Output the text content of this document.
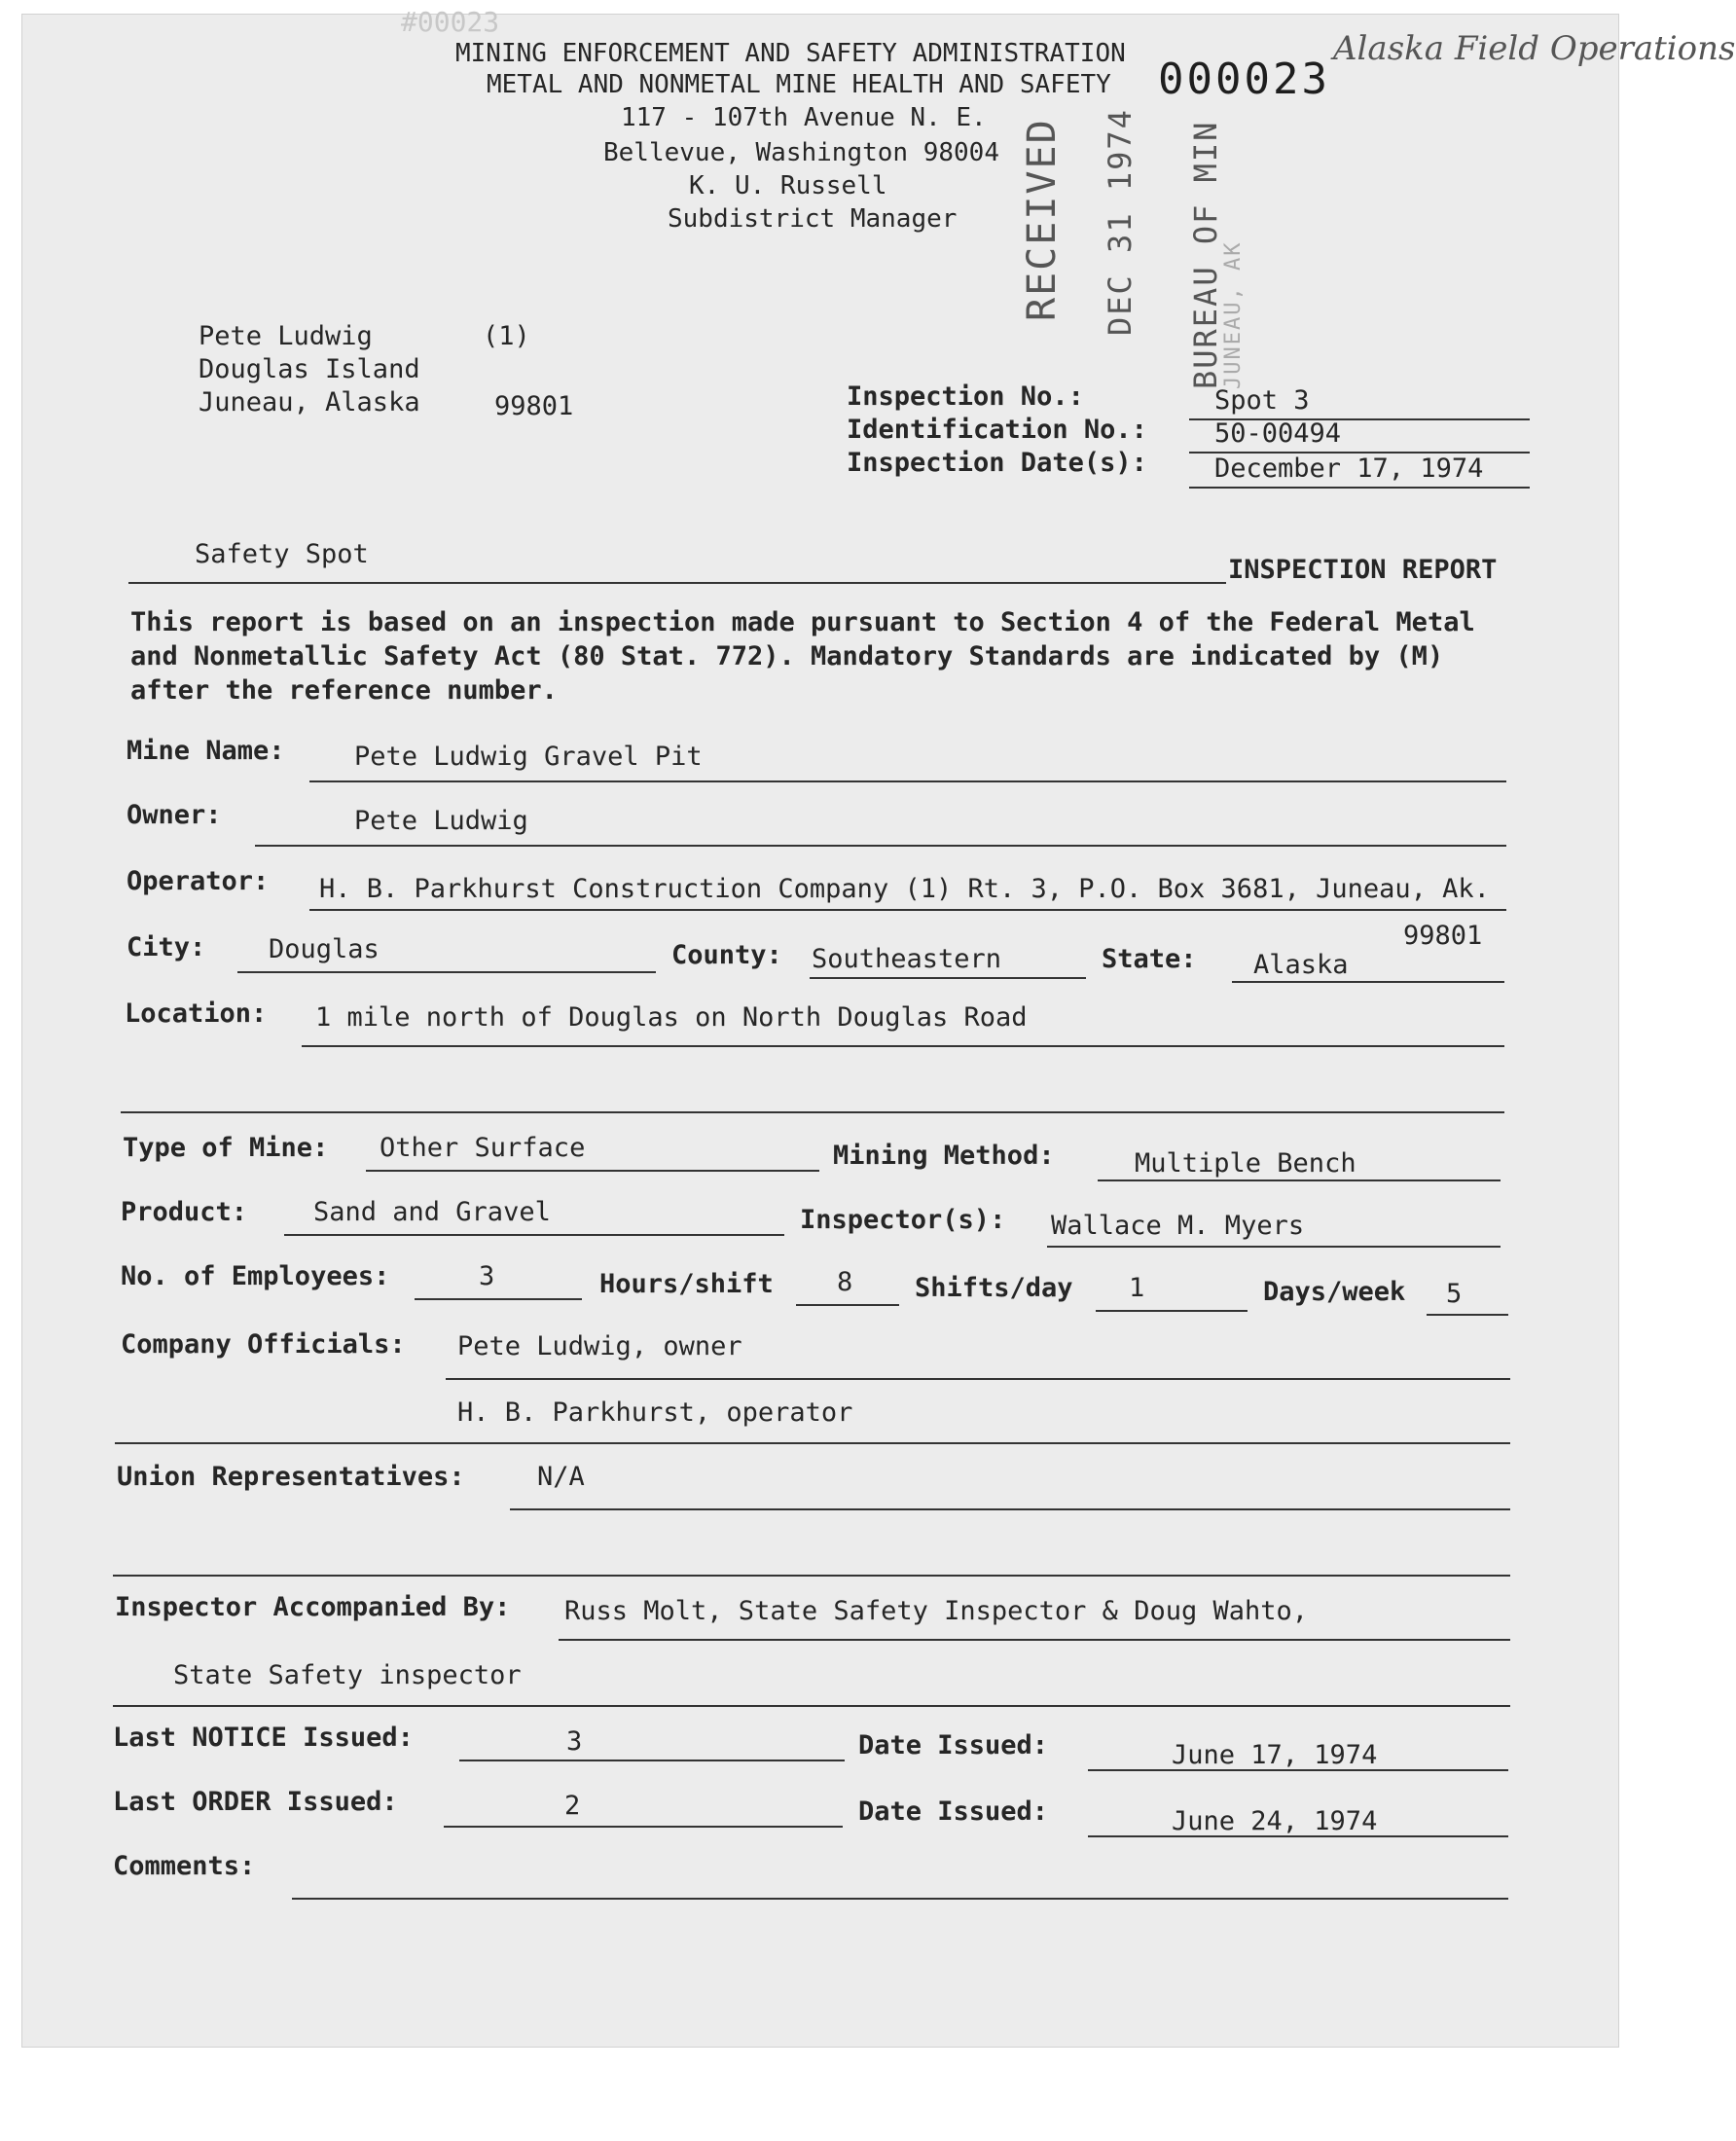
#00023
MINING ENFORCEMENT AND SAFETY ADMINISTRATION
METAL AND NONMETAL MINE HEALTH AND SAFETY
117 - 107th Avenue N. E.
Bellevue, Washington 98004
K. U. Russell
Subdistrict Manager
000023
Alaska Field Operations
RECEIVED DEC 31 1974 BUREAU OF MIN
JUNEAU, AK
Pete Ludwig	(1)
Douglas Island
Juneau, Alaska	99801	Inspection No.:	Spot 3
Identification No.:	50-00494
Inspection Date(s):	December 17, 1974
Safety Spot
INSPECTION REPORT
This report is based on an inspection made pursuant to Section 4 of the Federal Metal and Nonmetallic Safety Act (80 Stat. 772). Mandatory Standards are indicated by (M) after the reference number.
Mine Name:	Pete Ludwig Gravel Pit
Owner:	Pete Ludwig
Operator: H. B. Parkhurst Construction Company (1) Rt. 3, P.O. Box 3681, Juneau, Ak.
99801
City: Douglas	County: Southeastern	State: Alaska
Location: 1 mile north of Douglas on North Douglas Road
Type of Mine: Other Surface	Mining Method:	Multiple Bench
Product:	Sand and Gravel	Inspector(s): Wallace M. Myers
No. of Employees:	3	Hours/shift 8 Shifts/day 1	Days/week 5
Company Officials: Pete Ludwig, owner
H. B. Parkhurst, operator
Union Representatives:	N/A
Inspector Accompanied By: Russ Molt, State Safety Inspector & Doug Wahto,
State Safety inspector
Last NOTICE Issued:	3	Date Issued:	June 17, 1974
Last ORDER Issued:	2	Date Issued:	June 24, 1974
Comments:
